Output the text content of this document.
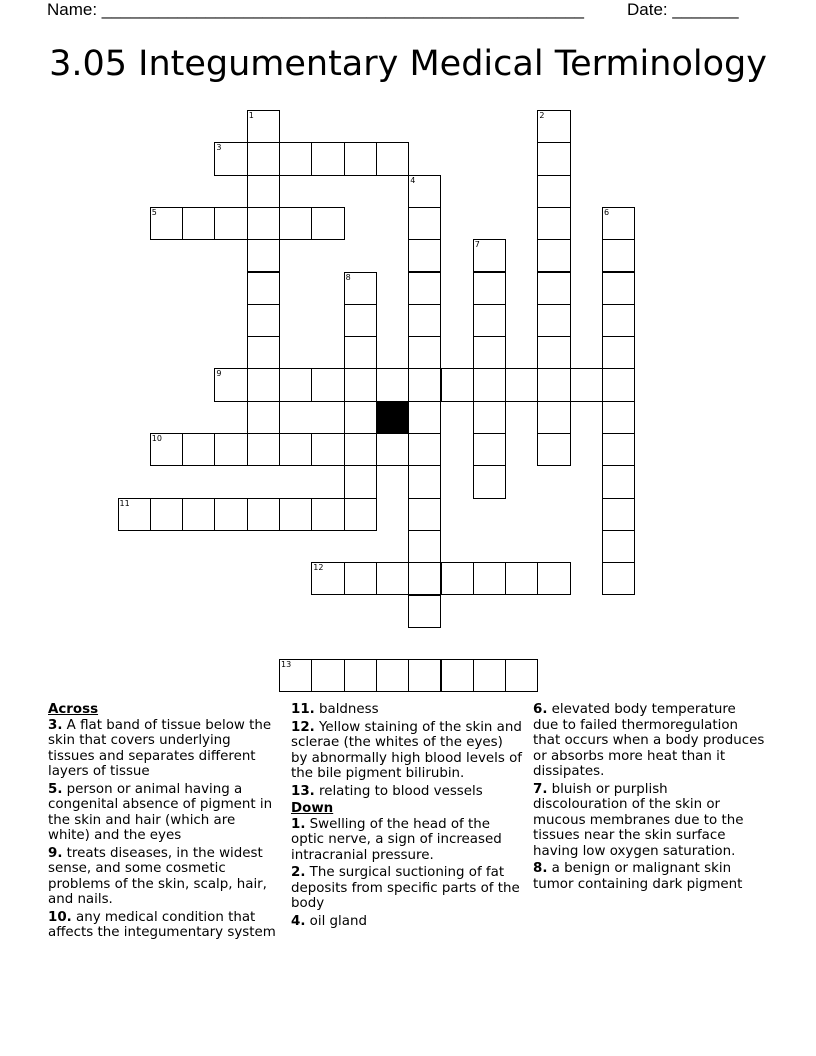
Name: ___________________________________________________	Date: _______
3.05 Integumentary Medical Terminology
1	2
3
4
5	6
7
8
9
10
11
12
13
Across
3. A flat band of tissue below the skin that covers underlying tissues and separates different layers of tissue
5. person or animal having a congenital absence of pigment in the skin and hair (which are white) and the eyes
9. treats diseases, in the widest sense, and some cosmetic problems of the skin, scalp, hair, and nails.
10. any medical condition that affects the integumentary system
11. baldness
12. Yellow staining of the skin and sclerae (the whites of the eyes) by abnormally high blood levels of the bile pigment bilirubin.
13. relating to blood vessels
Down
1. Swelling of the head of the optic nerve, a sign of increased intracranial pressure.
2. The surgical suctioning of fat deposits from specific parts of the body
4. oil gland
6. elevated body temperature due to failed thermoregulation that occurs when a body produces or absorbs more heat than it dissipates.
7. bluish or purplish discolouration of the skin or mucous membranes due to the tissues near the skin surface having low oxygen saturation.
8. a benign or malignant skin tumor containing dark pigment
